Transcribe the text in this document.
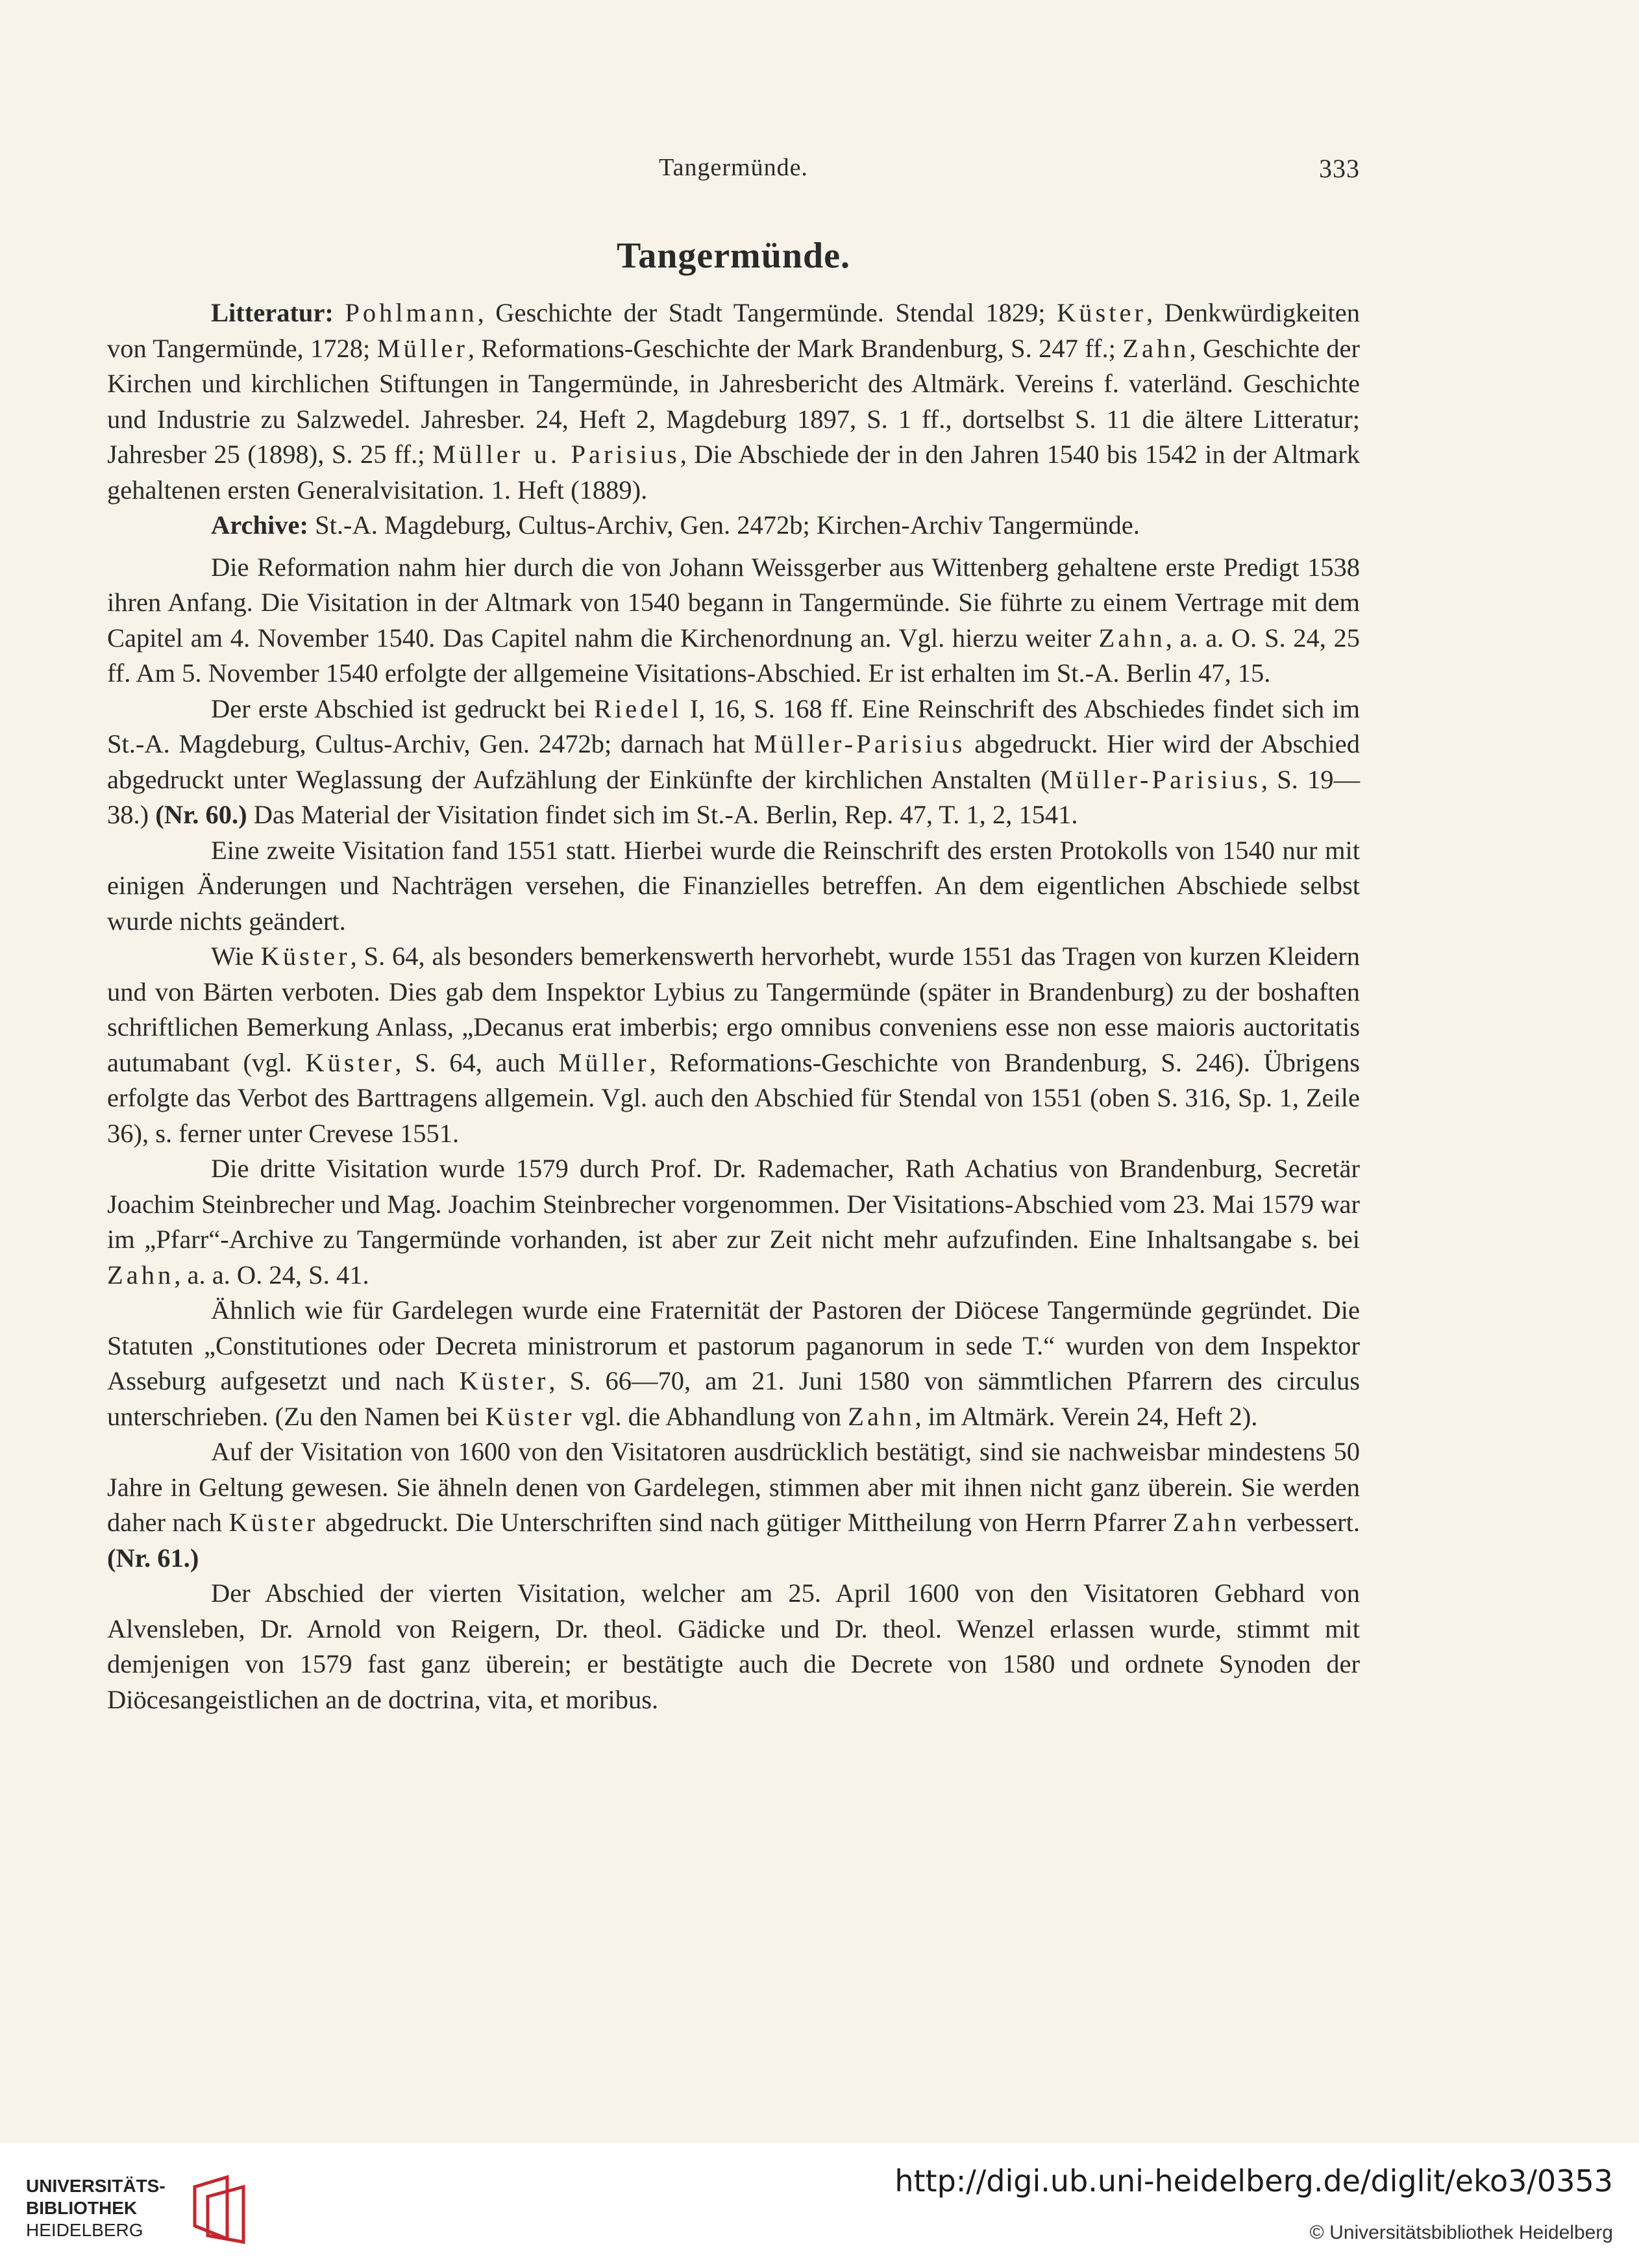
Tangermünde.	333
Tangermünde.

Litteratur: Pohlmann, Geschichte der Stadt Tangermünde. Stendal 1829; Küster, Denkwürdigkeiten von Tangermünde, 1728; Müller, Reformations-Geschichte der Mark Brandenburg, S. 247 ff.; Zahn, Geschichte der Kirchen und kirchlichen Stiftungen in Tangermünde, in Jahresbericht des Altmärk. Vereins f. vaterländ. Geschichte und Industrie zu Salzwedel. Jahresber. 24, Heft 2, Magdeburg 1897, S. 1 ff., dortselbst S. 11 die ältere Litteratur; Jahresber 25 (1898), S. 25 ff.; Müller u. Parisius, Die Abschiede der in den Jahren 1540 bis 1542 in der Altmark gehaltenen ersten Generalvisitation. 1. Heft (1889).

Archive: St.-A. Magdeburg, Cultus-Archiv, Gen. 2472b; Kirchen-Archiv Tangermünde.

Die Reformation nahm hier durch die von Johann Weissgerber aus Wittenberg gehaltene erste Predigt 1538 ihren Anfang. Die Visitation in der Altmark von 1540 begann in Tangermünde. Sie führte zu einem Vertrage mit dem Capitel am 4. November 1540. Das Capitel nahm die Kirchenordnung an. Vgl. hierzu weiter Zahn, a. a. O. S. 24, 25 ff. Am 5. November 1540 erfolgte der allgemeine Visitations-Abschied. Er ist erhalten im St.-A. Berlin 47, 15.

Der erste Abschied ist gedruckt bei Riedel I, 16, S. 168 ff. Eine Reinschrift des Abschiedes findet sich im St.-A. Magdeburg, Cultus-Archiv, Gen. 2472b; darnach hat Müller-Parisius abgedruckt. Hier wird der Abschied abgedruckt unter Weglassung der Aufzählung der Einkünfte der kirchlichen Anstalten (Müller-Parisius, S. 19—38.) (Nr. 60.) Das Material der Visitation findet sich im St.-A. Berlin, Rep. 47, T. 1, 2, 1541.

Eine zweite Visitation fand 1551 statt. Hierbei wurde die Reinschrift des ersten Protokolls von 1540 nur mit einigen Änderungen und Nachträgen versehen, die Finanzielles betreffen. An dem eigentlichen Abschiede selbst wurde nichts geändert.

Wie Küster, S. 64, als besonders bemerkenswerth hervorhebt, wurde 1551 das Tragen von kurzen Kleidern und von Bärten verboten. Dies gab dem Inspektor Lybius zu Tangermünde (später in Brandenburg) zu der boshaften schriftlichen Bemerkung Anlass, „Decanus erat imberbis; ergo omnibus conveniens esse non esse maioris auctoritatis autumabant (vgl. Küster, S. 64, auch Müller, Reformations-Geschichte von Brandenburg, S. 246). Übrigens erfolgte das Verbot des Barttragens allgemein. Vgl. auch den Abschied für Stendal von 1551 (oben S. 316, Sp. 1, Zeile 36), s. ferner unter Crevese 1551.

Die dritte Visitation wurde 1579 durch Prof. Dr. Rademacher, Rath Achatius von Brandenburg, Secretär Joachim Steinbrecher und Mag. Joachim Steinbrecher vorgenommen. Der Visitations-Abschied vom 23. Mai 1579 war im „Pfarr“-Archive zu Tangermünde vorhanden, ist aber zur Zeit nicht mehr aufzufinden. Eine Inhaltsangabe s. bei Zahn, a. a. O. 24, S. 41.

Ähnlich wie für Gardelegen wurde eine Fraternität der Pastoren der Diöcese Tangermünde gegründet. Die Statuten „Constitutiones oder Decreta ministrorum et pastorum paganorum in sede T.“ wurden von dem Inspektor Asseburg aufgesetzt und nach Küster, S. 66—70, am 21. Juni 1580 von sämmtlichen Pfarrern des circulus unterschrieben. (Zu den Namen bei Küster vgl. die Abhandlung von Zahn, im Altmärk. Verein 24, Heft 2).

Auf der Visitation von 1600 von den Visitatoren ausdrücklich bestätigt, sind sie nachweisbar mindestens 50 Jahre in Geltung gewesen. Sie ähneln denen von Gardelegen, stimmen aber mit ihnen nicht ganz überein. Sie werden daher nach Küster abgedruckt. Die Unterschriften sind nach gütiger Mittheilung von Herrn Pfarrer Zahn verbessert. (Nr. 61.)

Der Abschied der vierten Visitation, welcher am 25. April 1600 von den Visitatoren Gebhard von Alvensleben, Dr. Arnold von Reigern, Dr. theol. Gädicke und Dr. theol. Wenzel erlassen wurde, stimmt mit demjenigen von 1579 fast ganz überein; er bestätigte auch die Decrete von 1580 und ordnete Synoden der Diöcesangeistlichen an de doctrina, vita, et moribus.

UNIVERSITÄTS-
BIBLIOTHEK
HEIDELBERG
http://digi.ub.uni-heidelberg.de/diglit/eko3/0353
© Universitätsbibliothek Heidelberg
